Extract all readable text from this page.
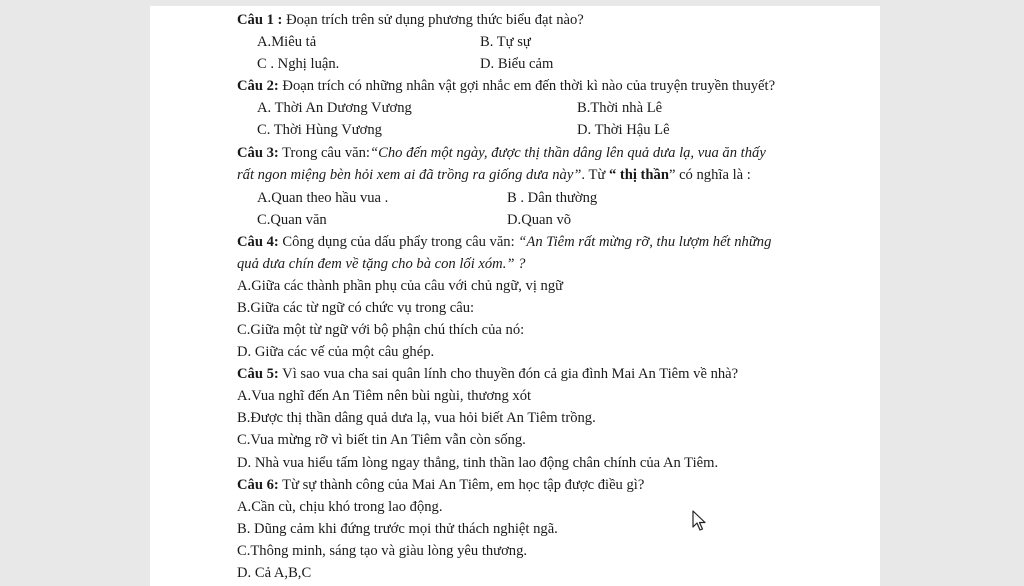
Câu 1 : Đoạn trích trên sử dụng phương thức biểu đạt nào?
A.Miêu tả	B. Tự sự
C . Nghị luận.	D. Biểu cảm
Câu 2: Đoạn trích có những nhân vật gợi nhắc em đến thời kì nào của truyện truyền thuyết?
A. Thời An Dương Vương	B.Thời nhà Lê
C. Thời Hùng Vương	D. Thời Hậu Lê
Câu 3: Trong câu văn:“Cho đến một ngày, được thị thần dâng lên quả dưa lạ, vua ăn thấy
rất ngon miệng bèn hỏi xem ai đã trồng ra giống dưa này”. Từ “ thị thần” có nghĩa là :
A.Quan theo hầu vua .	B . Dân thường
C.Quan văn	D.Quan võ
Câu 4: Công dụng của dấu phẩy trong câu văn: “An Tiêm rất mừng rỡ, thu lượm hết những
quả dưa chín đem về tặng cho bà con lối xóm.” ?
A.Giữa các thành phần phụ của câu với chủ ngữ, vị ngữ
B.Giữa các từ ngữ có chức vụ trong câu:
C.Giữa một từ ngữ với bộ phận chú thích của nó:
D. Giữa các vế của một câu ghép.
Câu 5: Vì sao vua cha sai quân lính cho thuyền đón cả gia đình Mai An Tiêm về nhà?
A.Vua nghĩ đến An Tiêm nên bùi ngùi, thương xót
B.Được thị thần dâng quả dưa lạ, vua hỏi biết An Tiêm trồng.
C.Vua mừng rỡ vì biết tin An Tiêm vẫn còn sống.
D. Nhà vua hiểu tấm lòng ngay thẳng, tinh thần lao động chân chính của An Tiêm.
Câu 6: Từ sự thành công của Mai An Tiêm, em học tập được điều gì?
A.Cần cù, chịu khó trong lao động.
B. Dũng cảm khi đứng trước mọi thử thách nghiệt ngã.
C.Thông minh, sáng tạo và giàu lòng yêu thương.
D. Cả A,B,C
